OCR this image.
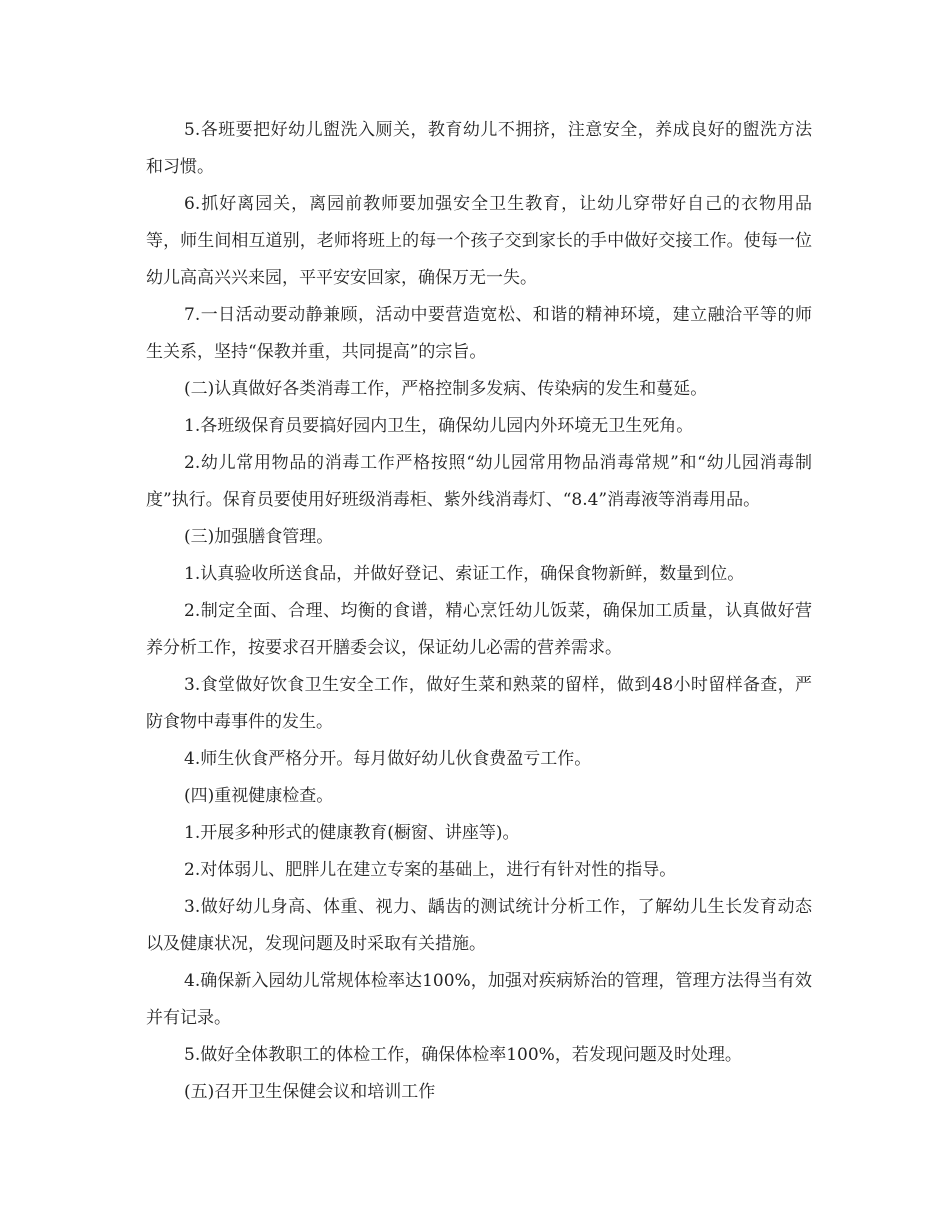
5.各班要把好幼儿盥洗入厕关，教育幼儿不拥挤，注意安全，养成良好的盥洗方法和习惯。

6.抓好离园关，离园前教师要加强安全卫生教育，让幼儿穿带好自己的衣物用品等，师生间相互道别，老师将班上的每一个孩子交到家长的手中做好交接工作。使每一位幼儿高高兴兴来园，平平安安回家，确保万无一失。

7.一日活动要动静兼顾，活动中要营造宽松、和谐的精神环境，建立融洽平等的师生关系，坚持“保教并重，共同提高”的宗旨。

(二)认真做好各类消毒工作，严格控制多发病、传染病的发生和蔓延。

1.各班级保育员要搞好园内卫生，确保幼儿园内外环境无卫生死角。

2.幼儿常用物品的消毒工作严格按照“幼儿园常用物品消毒常规”和“幼儿园消毒制度”执行。保育员要使用好班级消毒柜、紫外线消毒灯、“8.4”消毒液等消毒用品。

(三)加强膳食管理。

1.认真验收所送食品，并做好登记、索证工作，确保食物新鲜，数量到位。

2.制定全面、合理、均衡的食谱，精心烹饪幼儿饭菜，确保加工质量，认真做好营养分析工作，按要求召开膳委会议，保证幼儿必需的营养需求。

3.食堂做好饮食卫生安全工作，做好生菜和熟菜的留样，做到48小时留样备查，严防食物中毒事件的发生。

4.师生伙食严格分开。每月做好幼儿伙食费盈亏工作。

(四)重视健康检查。

1.开展多种形式的健康教育(橱窗、讲座等)。

2.对体弱儿、肥胖儿在建立专案的基础上，进行有针对性的指导。

3.做好幼儿身高、体重、视力、龋齿的测试统计分析工作，了解幼儿生长发育动态以及健康状况，发现问题及时采取有关措施。

4.确保新入园幼儿常规体检率达100%，加强对疾病矫治的管理，管理方法得当有效并有记录。

5.做好全体教职工的体检工作，确保体检率100%，若发现问题及时处理。

(五)召开卫生保健会议和培训工作
